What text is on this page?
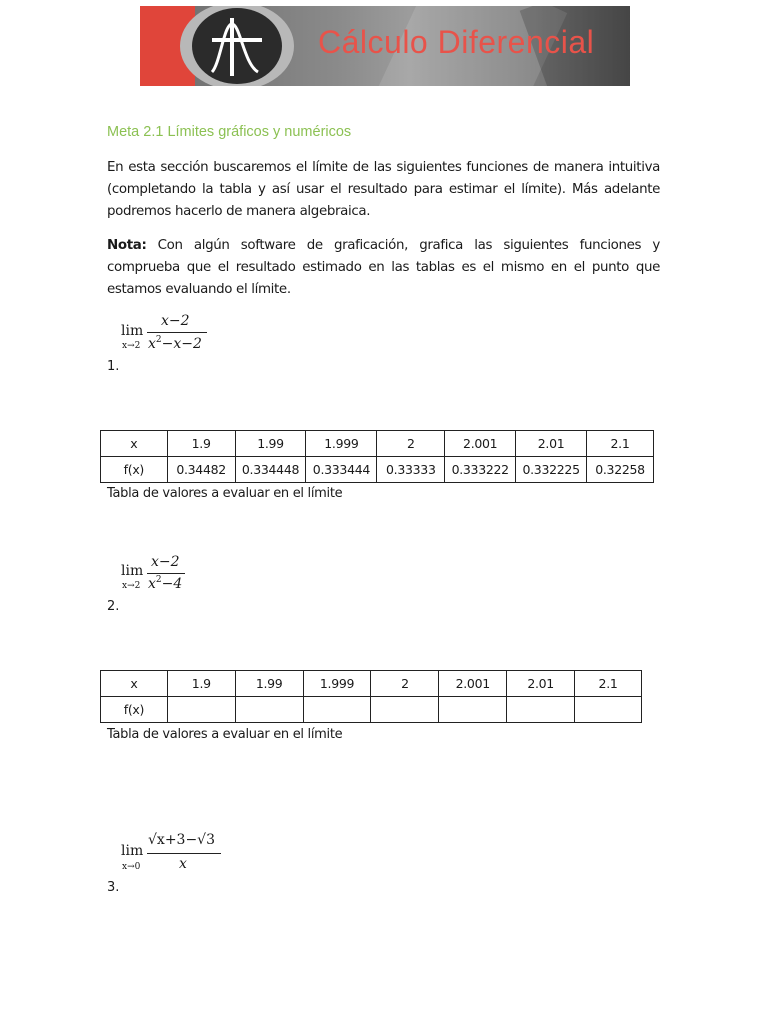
Cálculo Diferencial
Meta 2.1 Límites gráficos y numéricos
En esta sección buscaremos el límite de las siguientes funciones de manera intuitiva (completando la tabla y así usar el resultado para estimar el límite). Más adelante podremos hacerlo de manera algebraica.
Nota: Con algún software de graficación, grafica las siguientes funciones y comprueba que el resultado estimado en las tablas es el mismo en el punto que estamos evaluando el límite.
lim
x→2
x−2
$x^2-x-2$
1.
x	1.9	1.99	1.999	2	2.001	2.01	2.1
f(x)	0.34482	0.334448	0.333444	0.33333	0.333222	0.332225	0.32258
Tabla de valores a evaluar en el límite
lim
x→2
x−2
$x^2-4$
2.
x	1.9	1.99	1.999	2	2.001	2.01	2.1
f(x)							
Tabla de valores a evaluar en el límite
lim
x→0
√x+3−√3
x
3.
